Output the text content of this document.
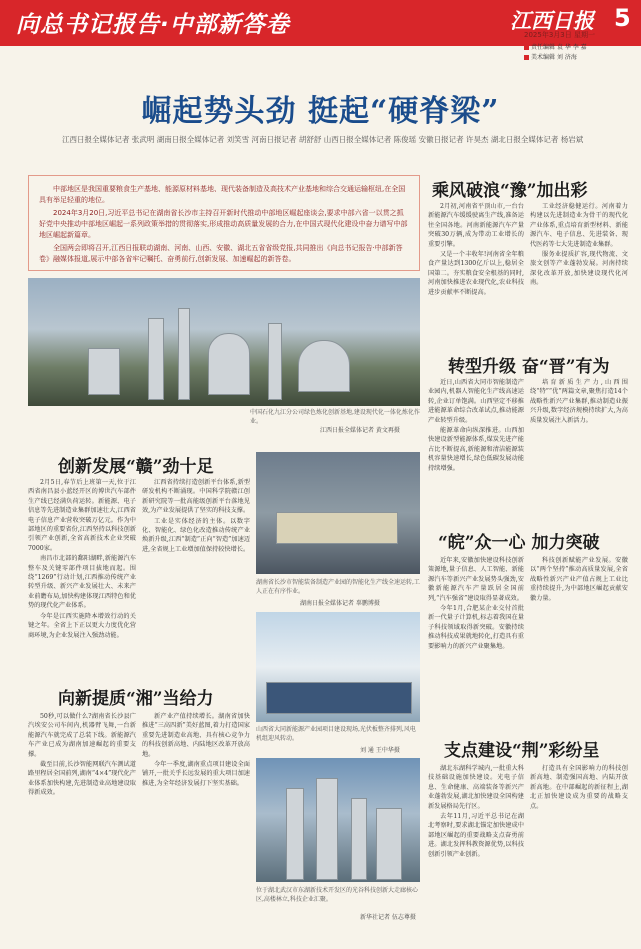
向总书记报告·中部新答卷	江西日报 5
2025年3月3日 星期一
责任编辑 袁 华 李 嘉
美术编辑 刘 济海
崛起势头劲 挺起“硬脊梁”
江西日报全媒体记者 张武明 湖南日报全媒体记者 刘笑雪 河南日报记者 胡舒舒 山西日报全媒体记者 陈俊瑶 安徽日报记者 许昊杰 湖北日报全媒体记者 杨岩斌

中部地区是我国重要粮食生产基地、能源原材料基地、现代装备制造及高技术产业基地和综合交通运输枢纽,在全国具有举足轻重的地位。

2024年3月20日,习近平总书记在湖南省长沙市主持召开新时代推动中部地区崛起座谈会,要求中部六省一以贯之抓好党中央推动中部地区崛起一系列政策举措的贯彻落实,形成推动高质量发展的合力,在中国式现代化建设中奋力谱写中部地区崛起新篇章。

全国两会即将召开,江西日报联动湖南、河南、山西、安徽、湖北五省省级党报,共同推出《向总书记报告·中部新答卷》融媒体报道,展示中部各省牢记嘱托、奋勇前行,创新发展、加速崛起的新答卷。

中国石化九江分公司绿色炼化创新基地,建设现代化一体化炼化作业。
江西日报全媒体记者 黄文再摄
创新发展“赣”劲十足

2月5日,春节后上班第一天,位于江西省南昌县小蓝经开区的博世汽车部件生产线已经满负荷运转。新能源、电子信息等先进制造业集群加速壮大,江西省电子信息产业营收突破万亿元。作为中部地区的重要省份,江西坚持以科技创新引领产业创新,全省高新技术企业突破7000家。

南昌市北部的鄱阳湖畔,新能源汽车整车及关键零部件项目拔地而起。围绕“1269”行动计划,江西推动传统产业转型升级、新兴产业发展壮大、未来产业前瞻布局,加快构建体现江西特色和优势的现代化产业体系。

今年是江西实施降本增效行动的关键之年。全省上下正以更大力度优化营商环境,为企业发展注入强劲动能。

江西省持续打造创新平台体系,新型研发机构不断涌现。中国科学院赣江创新研究院等一批高能级创新平台落地见效,为产业发展提供了坚实的科技支撑。

工业是实体经济的主体。以数字化、智能化、绿色化改造推动传统产业焕新升级,江西“制造”正向“智造”加速迈进,全省规上工业增加值保持较快增长。

湖南省长沙市智能装备制造产业园的智能化生产线全速运转,工人正在有序作业。
湖南日报全媒体记者 辜鹏博摄
向新提质“湘”当给力

50秒,可以做什么?湖南省长沙县广汽埃安公司车间内,机器臂飞舞,一台新能源汽车就完成了总装下线。新能源汽车产业已成为湖南加速崛起的重要支撑。

截至目前,长沙智能网联汽车测试道路里程居全国前列,湖南“4×4”现代化产业体系加快构建,先进制造业高地建设取得新成效。

新产业产值持续增长。湖南省加快推进“三高四新”美好蓝图,着力打造国家重要先进制造业高地、具有核心竞争力的科技创新高地、内陆地区改革开放高地。

今年一季度,湖南重点项目建设全面铺开,一批关乎长远发展的重大项目加速推进,为全年经济发展打下坚实基础。

山西省大同新能源产业园项目建设现场,光伏板整齐排列,风电机组迎风转动。
刘 通 王中华摄
位于湖北武汉市东湖新技术开发区的光谷科技创新大走廊核心区,高楼林立,科技企业汇聚。
新华社记者 伍志尊摄
乘风破浪“豫”加出彩

2月初,河南省平顶山市,一台台新能源汽车缓缓驶离生产线,准备运往全国各地。河南新能源汽车产量突破30万辆,成为带动工业增长的重要引擎。

又是一个丰收年!河南省全年粮食产量达到1300亿斤以上,稳居全国第二。夯实粮食安全根基的同时,河南加快推进农业现代化,农业科技进步贡献率不断提高。

工业经济稳健运行。河南着力构建以先进制造业为骨干的现代化产业体系,重点培育新型材料、新能源汽车、电子信息、先进装备、现代医药等七大先进制造业集群。

服务业提质扩容,现代物流、文旅文创等产业蓬勃发展。河南持续深化改革开放,加快建设现代化河南。

转型升级 奋“晋”有为

近日,山西省大同市智能制造产业园内,机器人智能化生产线高速运转,企业订单饱满。山西坚定不移推进能源革命综合改革试点,推动能源产业转型升级。

能源革命向纵深推进。山西加快建设新型能源体系,煤炭先进产能占比不断提高,新能源和清洁能源装机容量快速增长,绿色低碳发展动能持续增强。

培育新质生产力,山西围绕“特”“优”两篇文章,聚焦打造14个战略性新兴产业集群,推动制造业振兴升级,数字经济规模持续扩大,为高质量发展注入新活力。

“皖”众一心 加力突破

近年来,安徽加快建设科技创新策源地,量子信息、人工智能、新能源汽车等新兴产业发展势头强劲,安徽新能源汽车产量跃居全国前列,“汽车强省”建设取得显著成效。

今年1月,合肥某企业交付首批新一代量子计算机,标志着我国在量子科技领域取得新突破。安徽持续推动科技成果就地转化,打造具有重要影响力的新兴产业聚集地。

科技创新赋能产业发展。安徽以“两个坚持”推动高质量发展,全省战略性新兴产业产值占规上工业比重持续提升,为中部地区崛起贡献安徽力量。

支点建设“荆”彩纷呈

湖北东湖科学城内,一批重大科技基础设施加快建设。光电子信息、生命健康、高端装备等新兴产业蓬勃发展,湖北加快建设全国构建新发展格局先行区。

去年11月,习近平总书记在湖北考察时,要求湖北锚定加快建成中部地区崛起的重要战略支点奋勇前进。湖北发挥科教资源优势,以科技创新引领产业创新。

打造具有全国影响力的科技创新高地、制造强国高地、内陆开放新高地。在中部崛起的新征程上,湖北正加快建设成为重要的战略支点。
